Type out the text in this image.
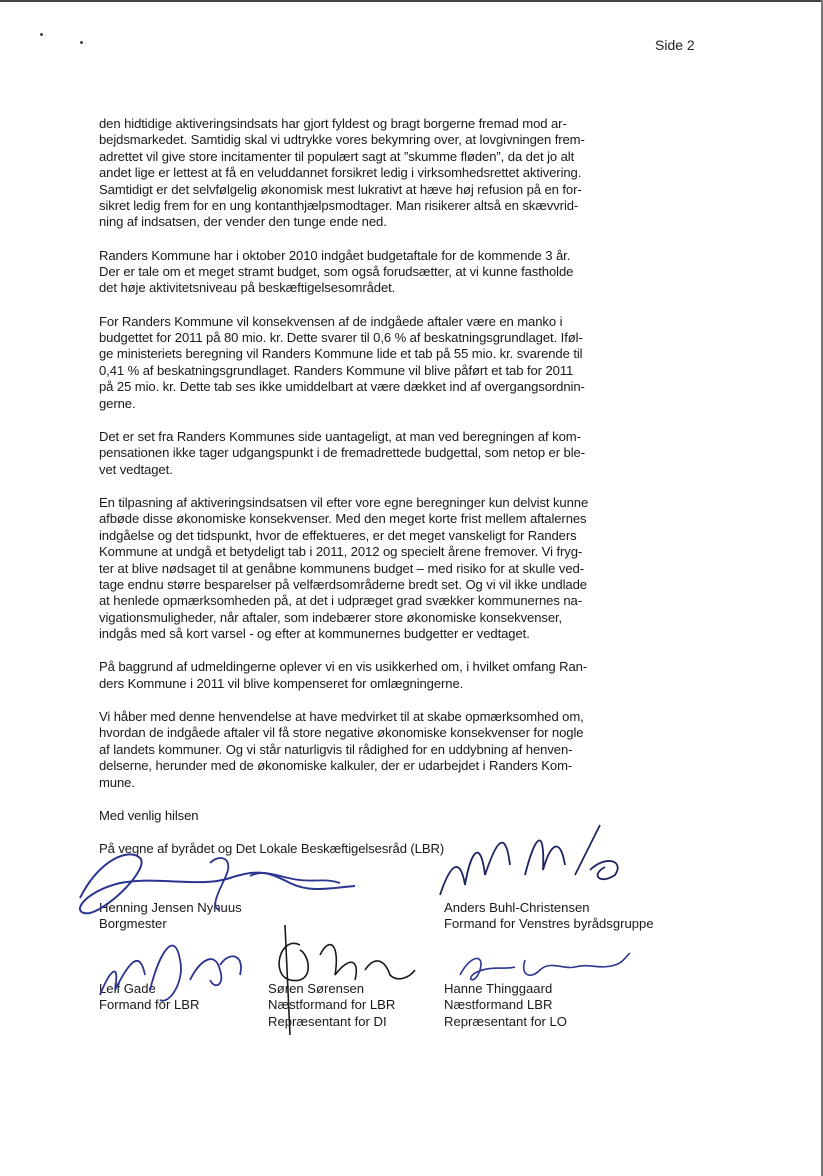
Side 2

den hidtidige aktiveringsindsats har gjort fyldest og bragt borgerne fremad mod ar-
bejdsmarkedet. Samtidig skal vi udtrykke vores bekymring over, at lovgivningen frem-
adrettet vil give store incitamenter til populært sagt at ”skumme fløden”, da det jo alt
andet lige er lettest at få en veluddannet forsikret ledig i virksomhedsrettet aktivering.
Samtidigt er det selvfølgelig økonomisk mest lukrativt at hæve høj refusion på en for-
sikret ledig frem for en ung kontanthjælpsmodtager. Man risikerer altså en skævvrid-
ning af indsatsen, der vender den tunge ende ned.

Randers Kommune har i oktober 2010 indgået budgetaftale for de kommende 3 år.
Der er tale om et meget stramt budget, som også forudsætter, at vi kunne fastholde
det høje aktivitetsniveau på beskæftigelsesområdet.

For Randers Kommune vil konsekvensen af de indgåede aftaler være en manko i
budgettet for 2011 på 80 mio. kr. Dette svarer til 0,6 % af beskatningsgrundlaget. Iføl-
ge ministeriets beregning vil Randers Kommune lide et tab på 55 mio. kr. svarende til
0,41 % af beskatningsgrundlaget. Randers Kommune vil blive påført et tab for 2011
på 25 mio. kr. Dette tab ses ikke umiddelbart at være dækket ind af overgangsordnin-
gerne.

Det er set fra Randers Kommunes side uantageligt, at man ved beregningen af kom-
pensationen ikke tager udgangspunkt i de fremadrettede budgettal, som netop er ble-
vet vedtaget.

En tilpasning af aktiveringsindsatsen vil efter vore egne beregninger kun delvist kunne
afbøde disse økonomiske konsekvenser. Med den meget korte frist mellem aftalernes
indgåelse og det tidspunkt, hvor de effektueres, er det meget vanskeligt for Randers
Kommune at undgå et betydeligt tab i 2011, 2012 og specielt årene fremover. Vi fryg-
ter at blive nødsaget til at genåbne kommunens budget – med risiko for at skulle ved-
tage endnu større besparelser på velfærdsområderne bredt set. Og vi vil ikke undlade
at henlede opmærksomheden på, at det i udpræget grad svækker kommunernes na-
vigationsmuligheder, når aftaler, som indebærer store økonomiske konsekvenser,
indgås med så kort varsel - og efter at kommunernes budgetter er vedtaget.

På baggrund af udmeldingerne oplever vi en vis usikkerhed om, i hvilket omfang Ran-
ders Kommune i 2011 vil blive kompenseret for omlægningerne.

Vi håber med denne henvendelse at have medvirket til at skabe opmærksomhed om,
hvordan de indgåede aftaler vil få store negative økonomiske konsekvenser for nogle
af landets kommuner. Og vi står naturligvis til rådighed for en uddybning af henven-
delserne, herunder med de økonomiske kalkuler, der er udarbejdet i Randers Kom-
mune.

Med venlig hilsen

På vegne af byrådet og Det Lokale Beskæftigelsesråd (LBR)

Henning Jensen Nyhuus
Borgmester
Anders Buhl-Christensen
Formand for Venstres byrådsgruppe
Leif Gade
Formand for LBR
Søren Sørensen
Næstformand for LBR
Repræsentant for DI
Hanne Thinggaard
Næstformand LBR
Repræsentant for LO
